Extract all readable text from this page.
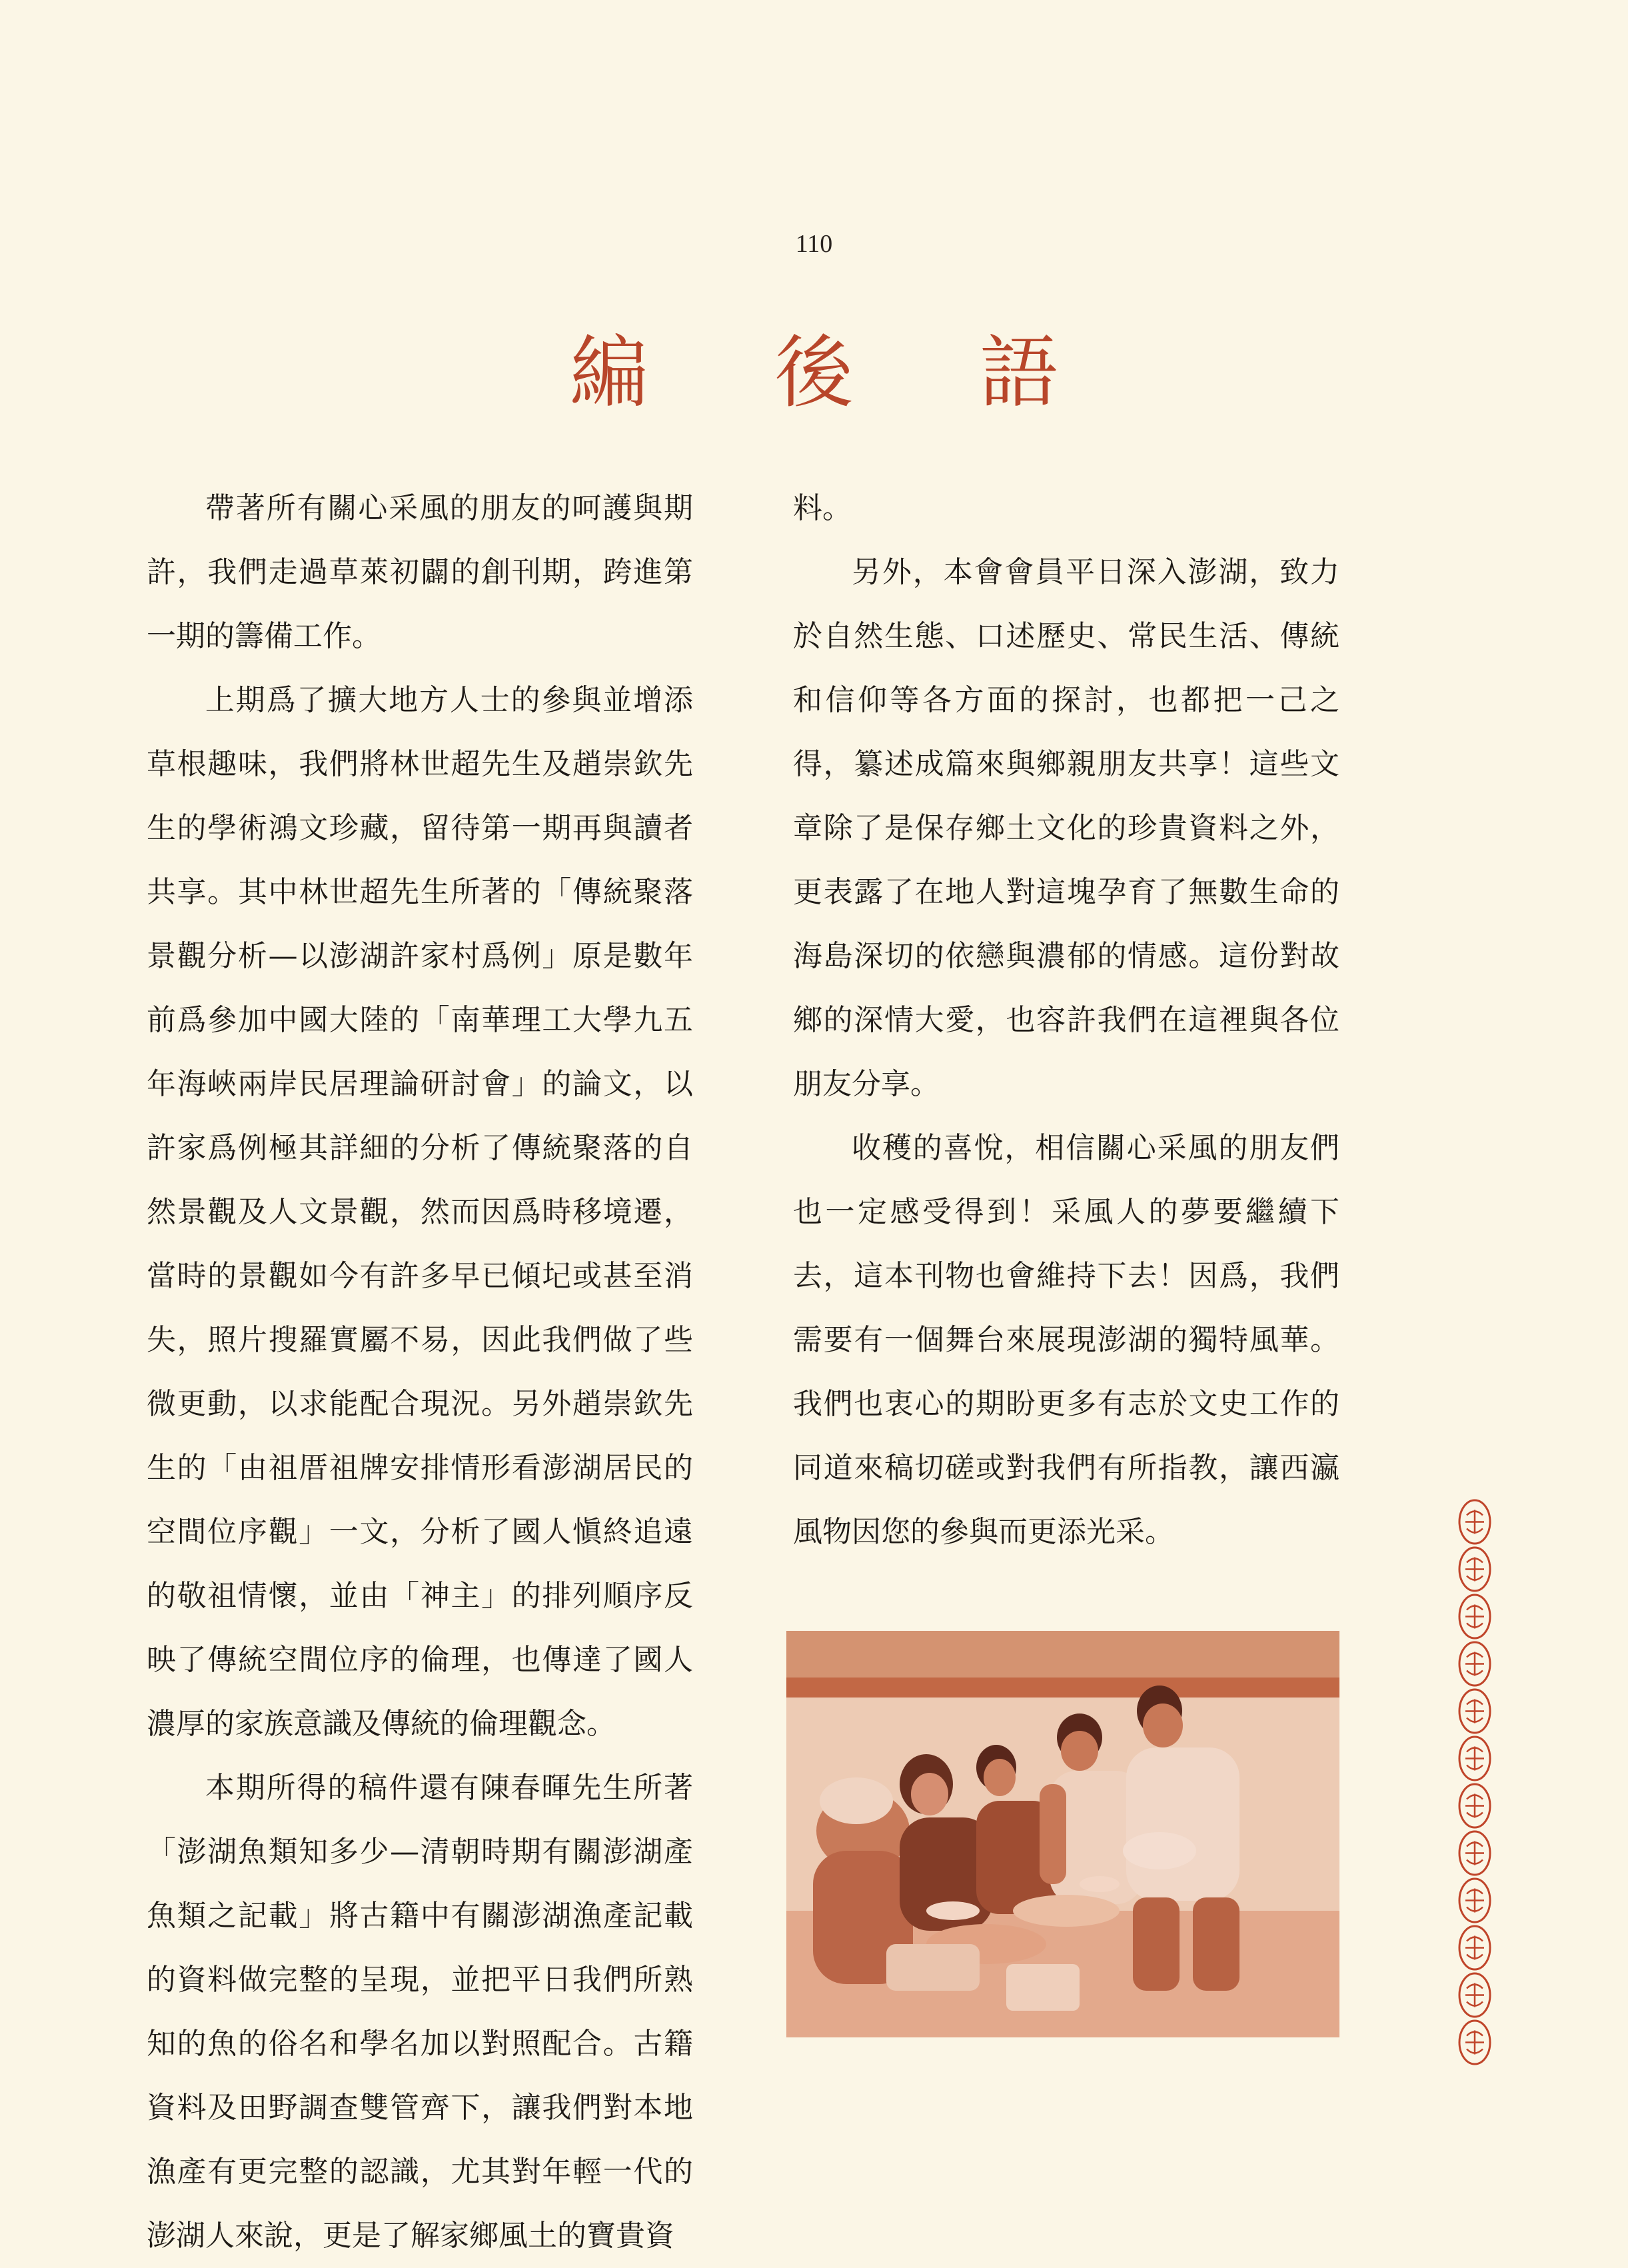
110
編 後 語

帶著所有關心采風的朋友的呵護與期許，我們走過草萊初闢的創刊期，跨進第一期的籌備工作。

上期爲了擴大地方人士的參與並增添草根趣味，我們將林世超先生及趙崇欽先生的學術鴻文珍藏，留待第一期再與讀者共享。其中林世超先生所著的「傳統聚落景觀分析—以澎湖許家村爲例」原是數年前爲參加中國大陸的「南華理工大學九五年海峽兩岸民居理論研討會」的論文，以許家爲例極其詳細的分析了傳統聚落的自然景觀及人文景觀，然而因爲時移境遷，當時的景觀如今有許多早已傾圮或甚至消失，照片搜羅實屬不易，因此我們做了些微更動，以求能配合現況。另外趙崇欽先生的「由祖厝祖牌安排情形看澎湖居民的空間位序觀」一文，分析了國人愼終追遠的敬祖情懷，並由「神主」的排列順序反映了傳統空間位序的倫理，也傳達了國人濃厚的家族意識及傳統的倫理觀念。

本期所得的稿件還有陳春暉先生所著「澎湖魚類知多少—清朝時期有關澎湖產魚類之記載」將古籍中有關澎湖漁產記載的資料做完整的呈現，並把平日我們所熟知的魚的俗名和學名加以對照配合。古籍資料及田野調查雙管齊下，讓我們對本地漁產有更完整的認識，尤其對年輕一代的澎湖人來說，更是了解家鄉風土的寶貴資

料。

另外，本會會員平日深入澎湖，致力於自然生態、口述歷史、常民生活、傳統和信仰等各方面的探討，也都把一己之得，纂述成篇來與鄉親朋友共享！這些文章除了是保存鄉土文化的珍貴資料之外，更表露了在地人對這塊孕育了無數生命的海島深切的依戀與濃郁的情感。這份對故鄉的深情大愛，也容許我們在這裡與各位朋友分享。

收穫的喜悅，相信關心采風的朋友們也一定感受得到！采風人的夢要繼續下去，這本刊物也會維持下去！因爲，我們需要有一個舞台來展現澎湖的獨特風華。我們也衷心的期盼更多有志於文史工作的同道來稿切磋或對我們有所指教，讓西瀛風物因您的參與而更添光采。
